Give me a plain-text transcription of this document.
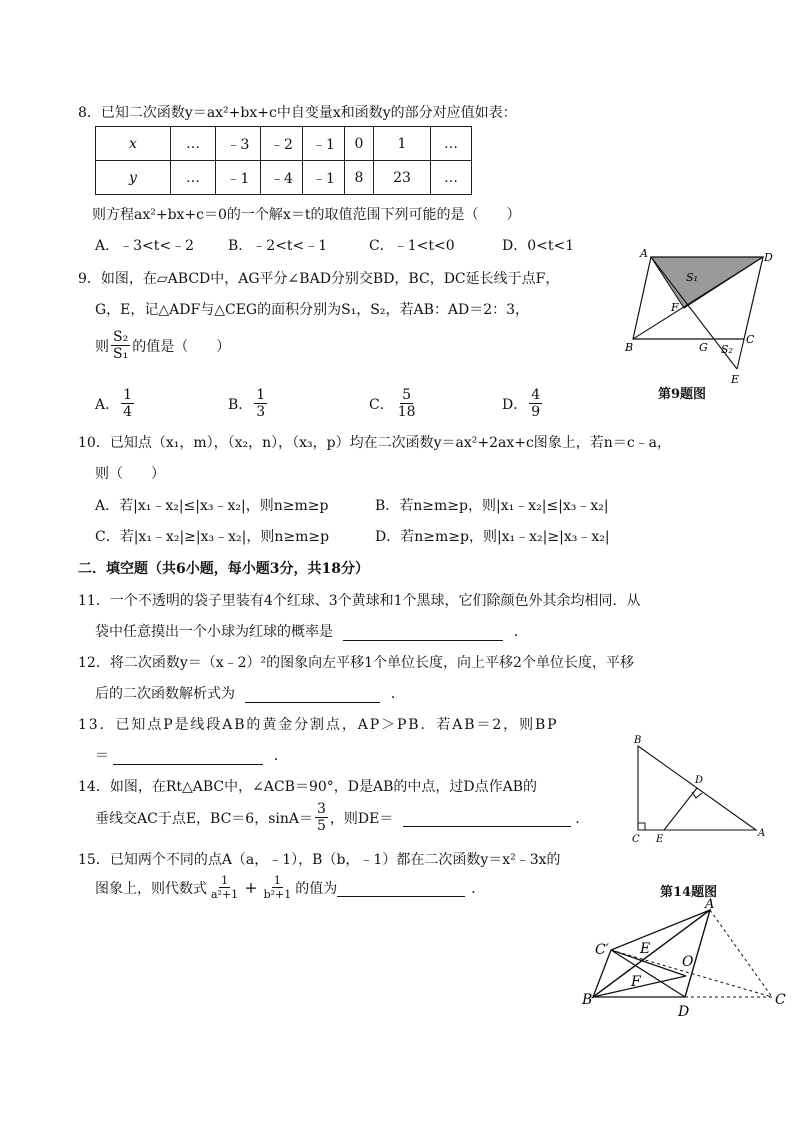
8．已知二次函数y＝ax²+bx+c中自变量x和函数y的部分对应值如表：
x	…	﹣3	﹣2	﹣1	0	1	…
y	…	﹣1	﹣4	﹣1	8	23	…
则方程ax²+bx+c＝0的一个解x＝t的取值范围下列可能的是（　　）
A．﹣3<t<﹣2 B．﹣2<t<﹣1	C．﹣1<t<0	D．0<t<1
9．如图，在▱ABCD中，AG平分∠BAD分别交BD，BC，DC延长线于点F，
G，E，记△ADF与△CEG的面积分别为S₁，S₂，若AB：AD＝2：3，
则 $\frac{\text{S₂}}{\text{S₁}}$ 的值是（　　）
A． $\frac{1}{4}$	B． $\frac{1}{3}$	C． $\frac{5}{18}$	D． $\frac{4}{9}$
A	D
B	G
C
E
F
S₁
S₂
第9题图
10．已知点（x₁，m），（x₂，n），（x₃，p）均在二次函数y＝ax²+2ax+c图象上，若n＝c﹣a，
则（　　）
A．若|x₁﹣x₂|≤|x₃﹣x₂|，则n≥m≥p	B．若n≥m≥p，则|x₁﹣x₂|≤|x₃﹣x₂|
C．若|x₁﹣x₂|≥|x₃﹣x₂|，则n≥m≥p	D．若n≥m≥p，则|x₁﹣x₂|≥|x₃﹣x₂|
二．填空题（共6小题，每小题3分，共18分）
11．一个不透明的袋子里装有4个红球、3个黄球和1个黑球，它们除颜色外其余均相同．从
袋中任意摸出一个小球为红球的概率是	．
12．将二次函数y＝（x﹣2）²的图象向左平移1个单位长度，向上平移2个单位长度，平移
后的二次函数解析式为	．
13．已知点P是线段AB的黄金分割点，AP＞PB．若AB＝2，则BP
＝	．
14．如图，在Rt△ABC中，∠ACB＝90°，D是AB的中点，过D点作AB的
垂线交AC于点E，BC＝6，$\sin A= \frac{3}{5}$ ，则DE＝
	．
B
D
C E
A
15．已知两个不同的点A（a，﹣1），B（b，﹣1）都在二次函数y＝x²﹣3x的
图象上，则代数式 $\frac{1}{\text{a²+1}} + \frac{1}{\text{b²+1}}$ 的值为
	．	第14题图
A
C′ E
O
F
B
D
C
